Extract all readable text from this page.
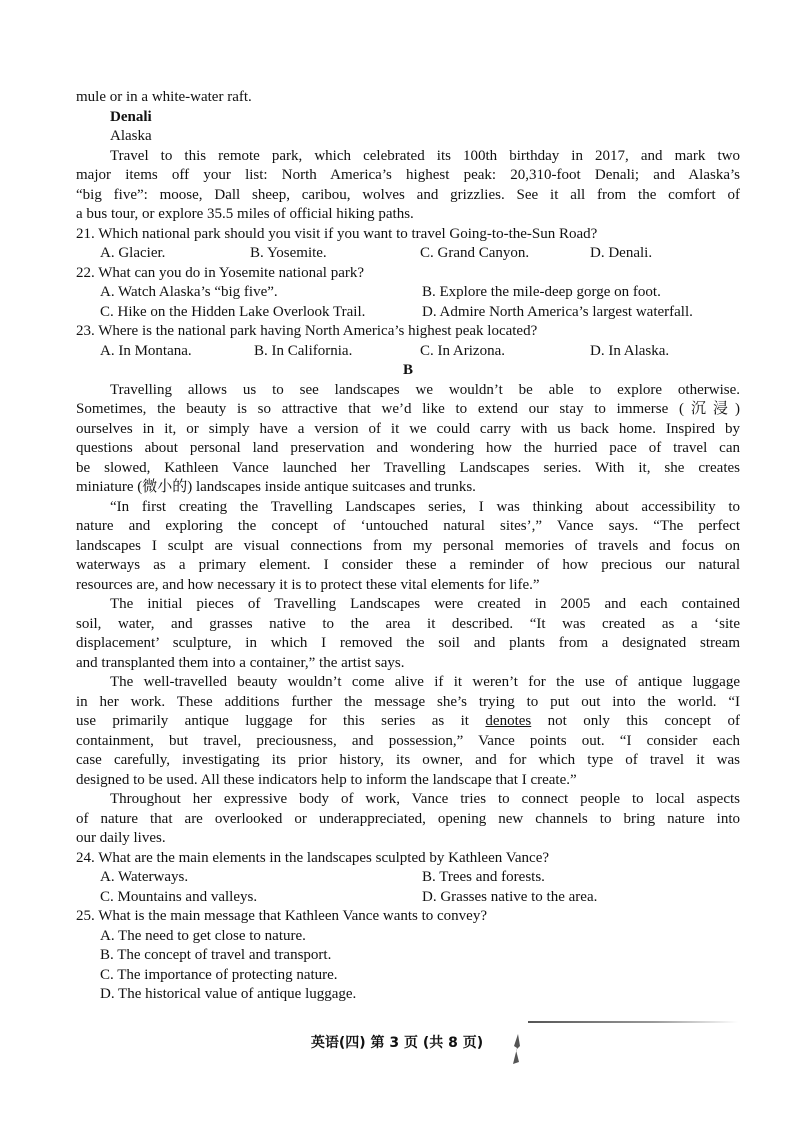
mule or in a white-water raft.
Denali
Alaska
Travel to this remote park, which celebrated its 100th birthday in 2017, and mark two
major items off your list: North America’s highest peak: 20,310-foot Denali; and Alaska’s
“big five”: moose, Dall sheep, caribou, wolves and grizzlies. See it all from the comfort of
a bus tour, or explore 35.5 miles of official hiking paths.
21. Which national park should you visit if you want to travel Going-to-the-Sun Road?
A. Glacier.	B. Yosemite.	C. Grand Canyon.	D. Denali.
22. What can you do in Yosemite national park?
A. Watch Alaska’s “big five”.	B. Explore the mile-deep gorge on foot.
C. Hike on the Hidden Lake Overlook Trail.	D. Admire North America’s largest waterfall.
23. Where is the national park having North America’s highest peak located?
A. In Montana.	B. In California.	C. In Arizona.	D. In Alaska.
B
Travelling allows us to see landscapes we wouldn’t be able to explore otherwise.
Sometimes, the beauty is so attractive that we’d like to extend our stay to immerse (沉浸)
ourselves in it, or simply have a version of it we could carry with us back home. Inspired by
questions about personal land preservation and wondering how the hurried pace of travel can
be slowed, Kathleen Vance launched her Travelling Landscapes series. With it, she creates
miniature (微小的) landscapes inside antique suitcases and trunks.
“In first creating the Travelling Landscapes series, I was thinking about accessibility to
nature and exploring the concept of ‘untouched natural sites’,” Vance says. “The perfect
landscapes I sculpt are visual connections from my personal memories of travels and focus on
waterways as a primary element. I consider these a reminder of how precious our natural
resources are, and how necessary it is to protect these vital elements for life.”
The initial pieces of Travelling Landscapes were created in 2005 and each contained
soil, water, and grasses native to the area it described. “It was created as a ‘site
displacement’ sculpture, in which I removed the soil and plants from a designated stream
and transplanted them into a container,” the artist says.
The well-travelled beauty wouldn’t come alive if it weren’t for the use of antique luggage
in her work. These additions further the message she’s trying to put out into the world. “I
use primarily antique luggage for this series as it denotes not only this concept of
containment, but travel, preciousness, and possession,” Vance points out. “I consider each
case carefully, investigating its prior history, its owner, and for which type of travel it was
designed to be used. All these indicators help to inform the landscape that I create.”
Throughout her expressive body of work, Vance tries to connect people to local aspects
of nature that are overlooked or underappreciated, opening new channels to bring nature into
our daily lives.
24. What are the main elements in the landscapes sculpted by Kathleen Vance?
A. Waterways.	B. Trees and forests.
C. Mountains and valleys.	D. Grasses native to the area.
25. What is the main message that Kathleen Vance wants to convey?
A. The need to get close to nature.
B. The concept of travel and transport.
C. The importance of protecting nature.
D. The historical value of antique luggage.
英语(四) 第 3 页 (共 8 页)
